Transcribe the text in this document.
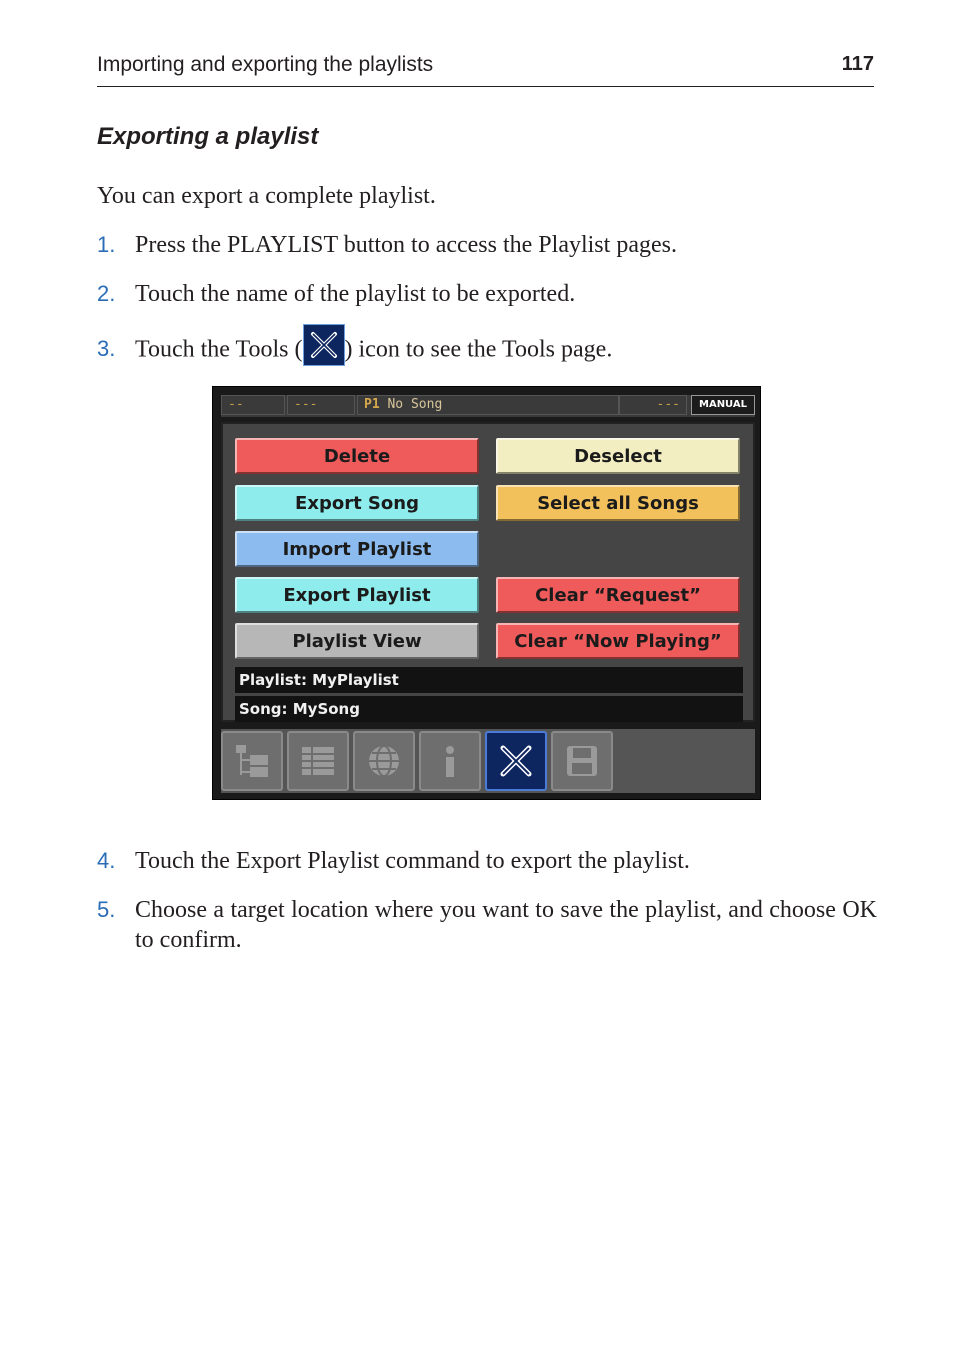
Importing and exporting the playlists	117
Exporting a playlist
You can export a complete playlist.
1. Press the PLAYLIST button to access the Playlist pages.
2. Touch the name of the playlist to be exported.
3. Touch the Tools ( ) icon to see the Tools page.
--	---	P1 No Song	---	MANUAL
Delete	Deselect
Export Song	Select all Songs
Import Playlist
Export Playlist	Clear “Request”
Playlist View	Clear “Now Playing”
Playlist: MyPlaylist
Song: MySong
4. Touch the Export Playlist command to export the playlist.
5. Choose a target location where you want to save the playlist, and choose OK to confirm.
